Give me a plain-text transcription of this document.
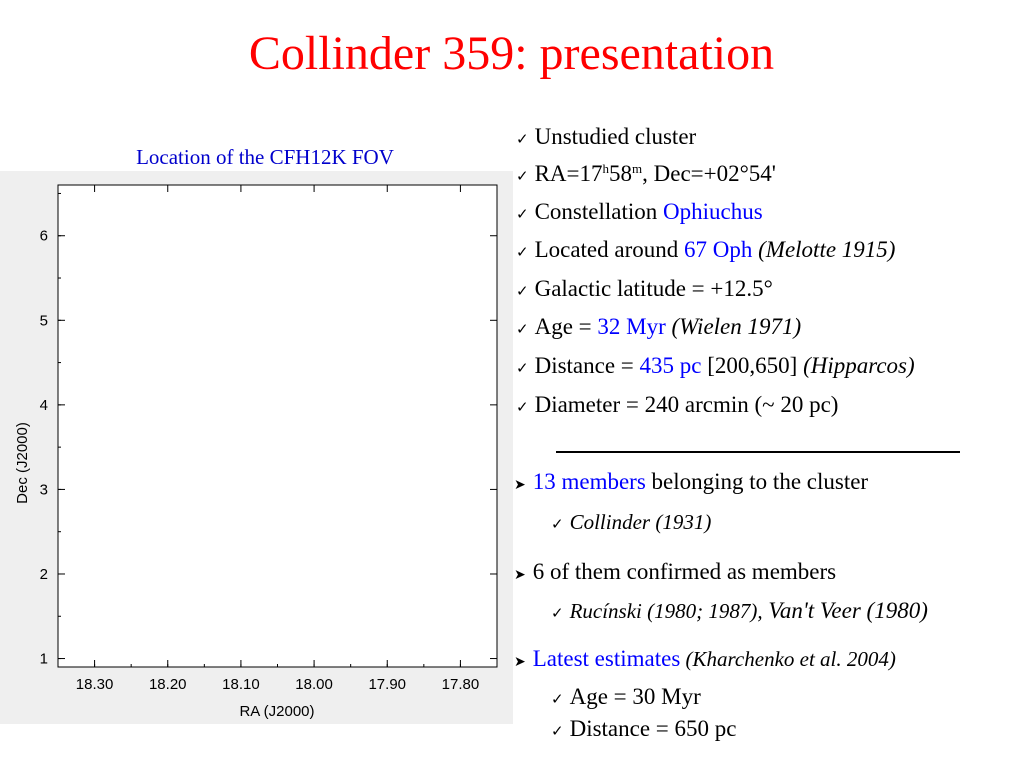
Collinder 359: presentation
Location of the CFH12K FOV
18.30 18.20 18.10 18.00 17.90 17.80
1
2
3
4
5
6
RA (J2000)
Dec (J2000)
✓ Unstudied cluster
✓ $RA=17^h58^m$, Dec=+02°54'
✓ Constellation Ophiuchus
✓ Located around 67 Oph (Melotte 1915)
✓ Galactic latitude = +12.5°
✓ Age = 32 Myr (Wielen 1971)
✓ Distance = 435 pc [200,650] (Hipparcos)
✓ Diameter = 240 arcmin (~ 20 pc)
➤ 13 members belonging to the cluster
✓ Collinder (1931)
➤ 6 of them confirmed as members
✓ Rucínski (1980; 1987), Van't Veer (1980)
➤ Latest estimates (Kharchenko et al. 2004)
✓ Age = 30 Myr
✓ Distance = 650 pc
